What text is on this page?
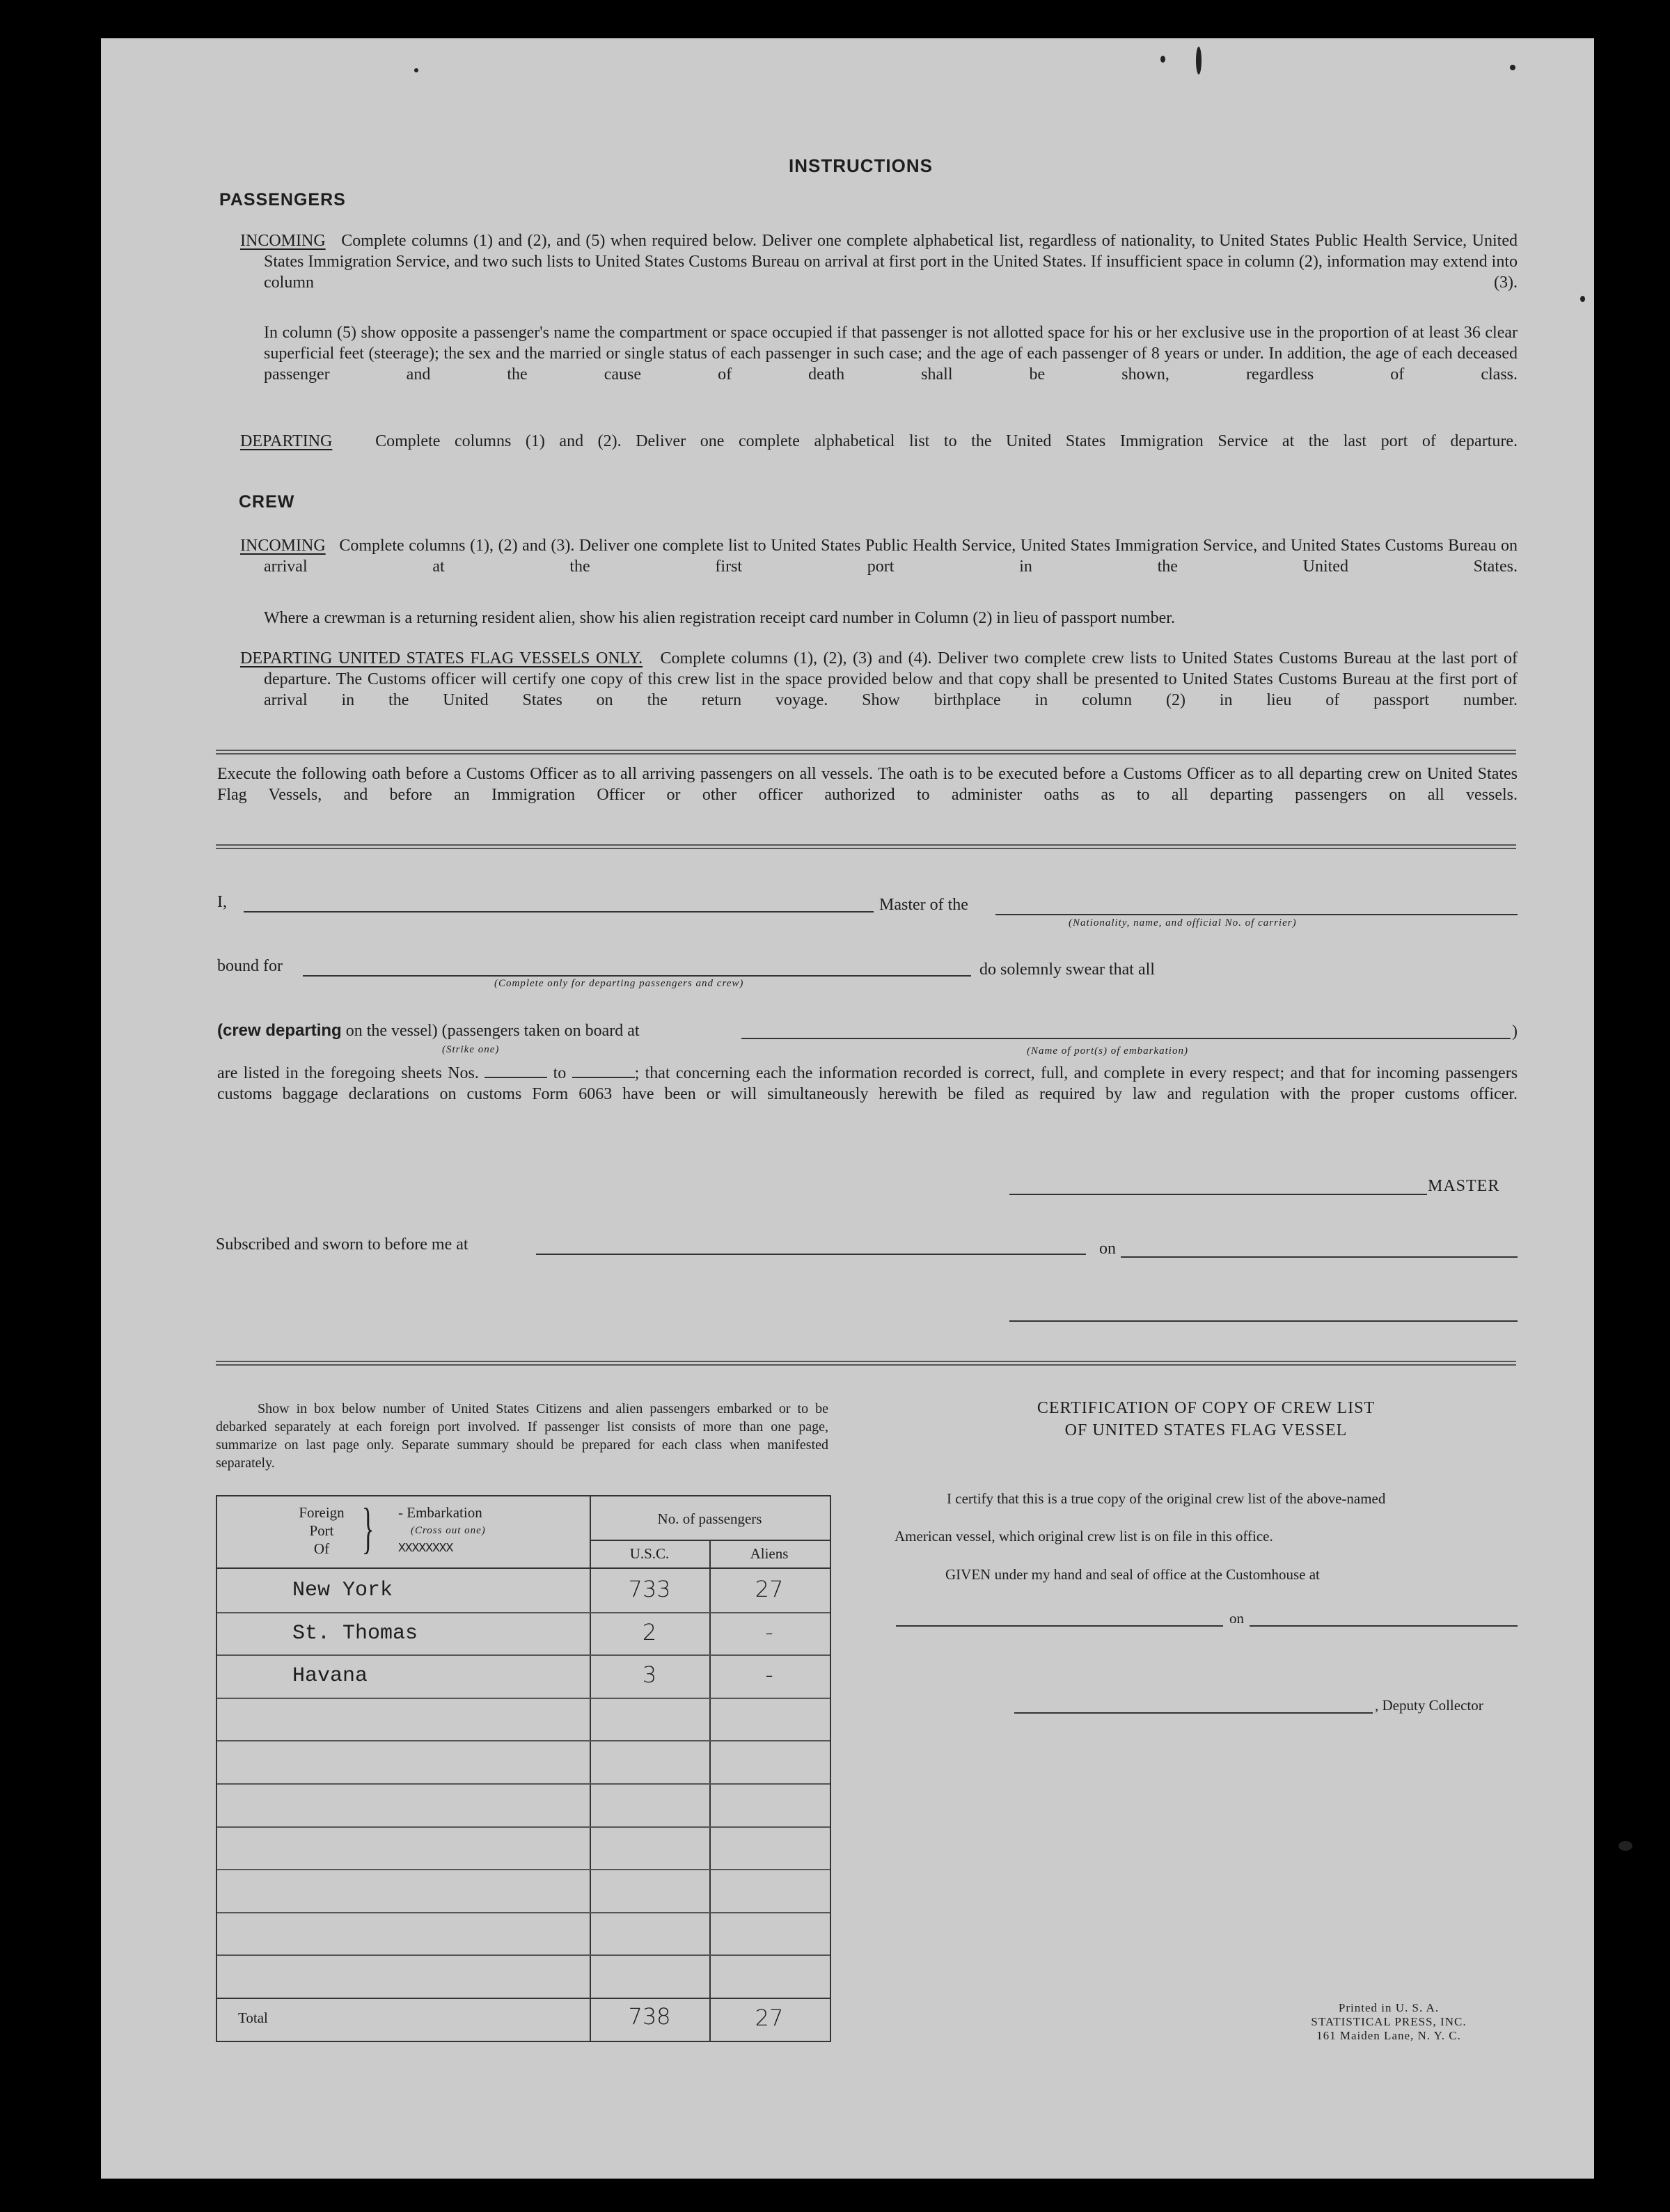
INSTRUCTIONS
PASSENGERS

INCOMING Complete columns (1) and (2), and (5) when required below. Deliver one complete alphabetical list, regardless of nationality, to United States Public Health Service, United States Immigration Service, and two such lists to United States Customs Bureau on arrival at first port in the United States. If insufficient space in column (2), information may extend into column (3).

In column (5) show opposite a passenger's name the compartment or space occupied if that passenger is not allotted space for his or her exclusive use in the proportion of at least 36 clear superficial feet (steerage); the sex and the married or single status of each passenger in such case; and the age of each passenger of 8 years or under. In addition, the age of each deceased passenger and the cause of death shall be shown, regardless of class.

DEPARTING	Complete columns (1) and (2). Deliver one complete alphabetical list to the United States Immigration Service at the last port of departure.

CREW

INCOMING Complete columns (1), (2) and (3). Deliver one complete list to United States Public Health Service, United States Immigration Service, and United States Customs Bureau on arrival at the first port in the United States.

Where a crewman is a returning resident alien, show his alien registration receipt card number in Column (2) in lieu of passport number.

DEPARTING UNITED STATES FLAG VESSELS ONLY. Complete columns (1), (2), (3) and (4). Deliver two complete crew lists to United States Customs Bureau at the last port of departure. The Customs officer will certify one copy of this crew list in the space provided below and that copy shall be presented to United States Customs Bureau at the first port of arrival in the United States on the return voyage. Show birthplace in column (2) in lieu of passport number.

Execute the following oath before a Customs Officer as to all arriving passengers on all vessels. The oath is to be executed before a Customs Officer as to all departing crew on United States Flag Vessels, and before an Immigration Officer or other officer authorized to administer oaths as to all departing passengers on all vessels.

I,	Master of the
(Nationality, name, and official No. of carrier)
bound for
(Complete only for departing passengers and crew)
do solemnly swear that all
(crew departing on the vessel) (passengers taken on board at
(Strike one)
)
(Name of port(s) of embarkation)

are listed in the foregoing sheets Nos.	to	; that concerning each the information recorded is correct, full, and complete in every respect; and that for incoming passengers customs baggage declarations on customs Form 6063 have been or will simultaneously herewith be filed as required by law and regulation with the proper customs officer.

MASTER
Subscribed and sworn to before me at	on

Show in box below number of United States Citizens and alien passengers embarked or to be debarked separately at each foreign port involved. If passenger list consists of more than one page, summarize on last page only. Separate summary should be prepared for each class when manifested separately.

Foreign
Port
Of } - Embarkation
(Cross out one)
XXXXXXXX
No. of passengers
U.S.C.	Aliens
New York	733	27
St. Thomas	2	-
Havana	3	-
Total	738	27
CERTIFICATION OF COPY OF CREW LIST
OF UNITED STATES FLAG VESSEL
I certify that this is a true copy of the original crew list of the above-named
American vessel, which original crew list is on file in this office.
GIVEN under my hand and seal of office at the Customhouse at
on
, Deputy Collector
Printed in U. S. A.
STATISTICAL PRESS, INC.
161 Maiden Lane, N. Y. C.
